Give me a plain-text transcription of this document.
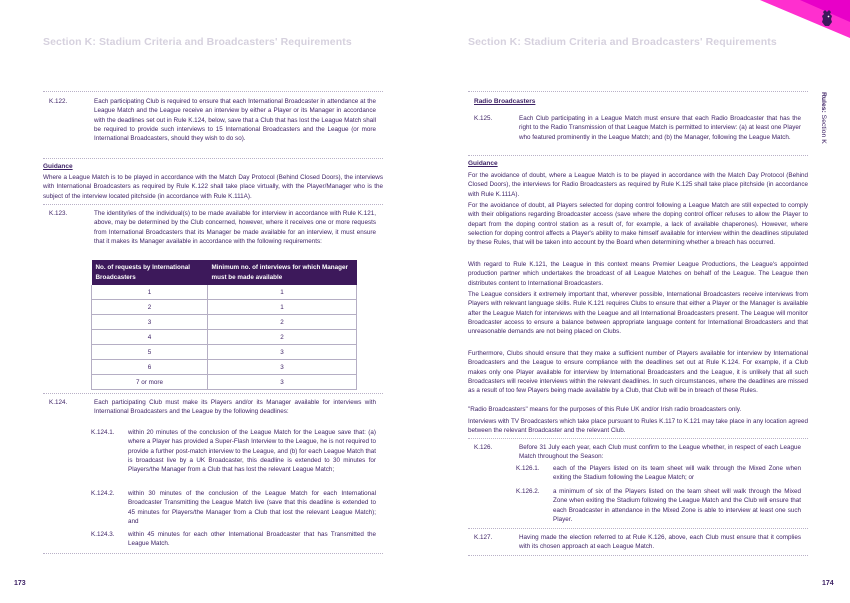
Section K: Stadium Criteria and Broadcasters' Requirements
K.122.	Each participating Club is required to ensure that each International Broadcaster in attendance at the League Match and the League receive an interview by either a Player or its Manager in accordance with the deadlines set out in Rule K.124, below, save that a Club that has lost the League Match shall be required to provide such interviews to 15 International Broadcasters and the League (or more International Broadcasters, should they wish to do so).
Guidance
Where a League Match is to be played in accordance with the Match Day Protocol (Behind Closed Doors), the interviews with International Broadcasters as required by Rule K.122 shall take place virtually, with the Player/Manager who is the subject of the interview located pitchside (in accordance with Rule K.111A).
K.123.	The identity/ies of the individual(s) to be made available for interview in accordance with Rule K.121, above, may be determined by the Club concerned, however, where it receives one or more requests from International Broadcasters that its Manager be made available for an interview, it must ensure that it makes its Manager available in accordance with the following requirements:
No. of requests by International Broadcasters	Minimum no. of interviews for which Manager must be made available
1	1
2	1
3	2
4	2
5	3
6	3
7 or more	3
K.124.	Each participating Club must make its Players and/or its Manager available for interviews with International Broadcasters and the League by the following deadlines:
K.124.1.	within 20 minutes of the conclusion of the League Match for the League save that: (a) where a Player has provided a Super-Flash Interview to the League, he is not required to provide a further post-match interview to the League, and (b) for each League Match that is broadcast live by a UK Broadcaster, this deadline is extended to 30 minutes for Players/the Manager from a Club that has lost the relevant League Match;
K.124.2.	within 30 minutes of the conclusion of the League Match for each International Broadcaster Transmitting the League Match live (save that this deadline is extended to 45 minutes for Players/the Manager from a Club that lost the relevant League Match); and
K.124.3.	within 45 minutes for each other International Broadcaster that has Transmitted the League Match.
173
Section K: Stadium Criteria and Broadcasters' Requirements
Radio Broadcasters
K.125.	Each Club participating in a League Match must ensure that each Radio Broadcaster that has the right to the Radio Transmission of that League Match is permitted to interview: (a) at least one Player who featured prominently in the League Match; and (b) the Manager, following the League Match.
Guidance
For the avoidance of doubt, where a League Match is to be played in accordance with the Match Day Protocol (Behind Closed Doors), the interviews for Radio Broadcasters as required by Rule K.125 shall take place pitchside (in accordance with Rule K.111A).
For the avoidance of doubt, all Players selected for doping control following a League Match are still expected to comply with their obligations regarding Broadcaster access (save where the doping control officer refuses to allow the Player to depart from the doping control station as a result of, for example, a lack of available chaperones). However, where selection for doping control affects a Player's ability to make himself available for interview within the deadlines stipulated by these Rules, that will be taken into account by the Board when determining whether a breach has occurred.
With regard to Rule K.121, the League in this context means Premier League Productions, the League's appointed production partner which undertakes the broadcast of all League Matches on behalf of the League. The League then distributes content to International Broadcasters.
The League considers it extremely important that, wherever possible, International Broadcasters receive interviews from Players with relevant language skills. Rule K.121 requires Clubs to ensure that either a Player or the Manager is available after the League Match for interviews with the League and all International Broadcasters present. The League will monitor Broadcaster access to ensure a balance between appropriate language content for International Broadcasters and that unreasonable demands are not being placed on Clubs.
Furthermore, Clubs should ensure that they make a sufficient number of Players available for interview by International Broadcasters and the League to ensure compliance with the deadlines set out at Rule K.124. For example, if a Club makes only one Player available for interview by International Broadcasters and the League, it is unlikely that all such Broadcasters will receive interviews within the relevant deadlines. In such circumstances, where the deadlines are missed as a result of too few Players being made available by a Club, that Club will be in breach of these Rules.
"Radio Broadcasters" means for the purposes of this Rule UK and/or Irish radio broadcasters only.
Interviews with TV Broadcasters which take place pursuant to Rules K.117 to K.121 may take place in any location agreed between the relevant Broadcaster and the relevant Club.
K.126.	Before 31 July each year, each Club must confirm to the League whether, in respect of each League Match throughout the Season:
K.126.1.	each of the Players listed on its team sheet will walk through the Mixed Zone when exiting the Stadium following the League Match; or
K.126.2.	a minimum of six of the Players listed on the team sheet will walk through the Mixed Zone when exiting the Stadium following the League Match and the Club will ensure that each Broadcaster in attendance in the Mixed Zone is able to interview at least one such Player.
K.127.	Having made the election referred to at Rule K.126, above, each Club must ensure that it complies with its chosen approach at each League Match.
174
Rules: Section K
